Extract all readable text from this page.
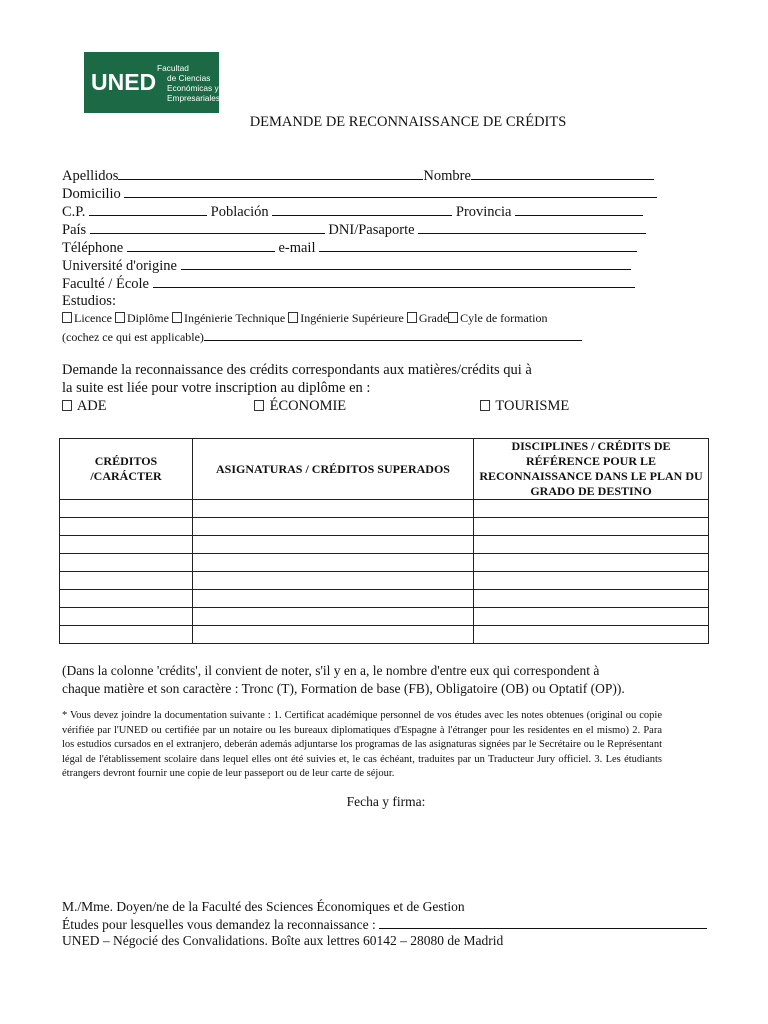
UNED
Facultad
de Ciencias
Económicas y
Empresariales
DEMANDE DE RECONNAISSANCE DE CRÉDITS
Apellidos	Nombre
Domicilio
C.P.	Población	Provincia
País	DNI/Pasaporte
Téléphone	e-mail
Université d'origine
Faculté / École
Estudios:
Licence Diplôme Ingénierie Technique Ingénierie Supérieure Grade Cyle de formation
(cochez ce qui est applicable)
Demande la reconnaissance des crédits correspondants aux matières/crédits qui à
la suite est liée pour votre inscription au diplôme en :
ADE	ÉCONOMIE	TOURISME
CRÉDITOS /CARÁCTER	ASIGNATURAS / CRÉDITOS SUPERADOS	DISCIPLINES / CRÉDITS DE RÉFÉRENCE POUR LE RECONNAISSANCE DANS LE PLAN DU GRADO DE DESTINO

(Dans la colonne 'crédits', il convient de noter, s'il y en a, le nombre d'entre eux qui correspondent à
chaque matière et son caractère : Tronc (T), Formation de base (FB), Obligatoire (OB) ou Optatif (OP)).
* Vous devez joindre la documentation suivante : 1. Certificat académique personnel de vos études avec les notes obtenues (original ou copie vérifiée par l'UNED ou certifiée par un notaire ou les bureaux diplomatiques d'Espagne à l'étranger pour les residentes en el mismo) 2. Para los estudios cursados en el extranjero, deberán además adjuntarse los programas de las asignaturas signées par le Secrétaire ou le Représentant légal de l'établissement scolaire dans lequel elles ont été suivies et, le cas échéant, traduites par un Traducteur Jury officiel. 3. Les étudiants étrangers devront fournir une copie de leur passeport ou de leur carte de séjour.
Fecha y firma:
M./Mme. Doyen/ne de la Faculté des Sciences Économiques et de Gestion
Études pour lesquelles vous demandez la reconnaissance :
UNED – Négocié des Convalidations. Boîte aux lettres 60142 – 28080 de Madrid
